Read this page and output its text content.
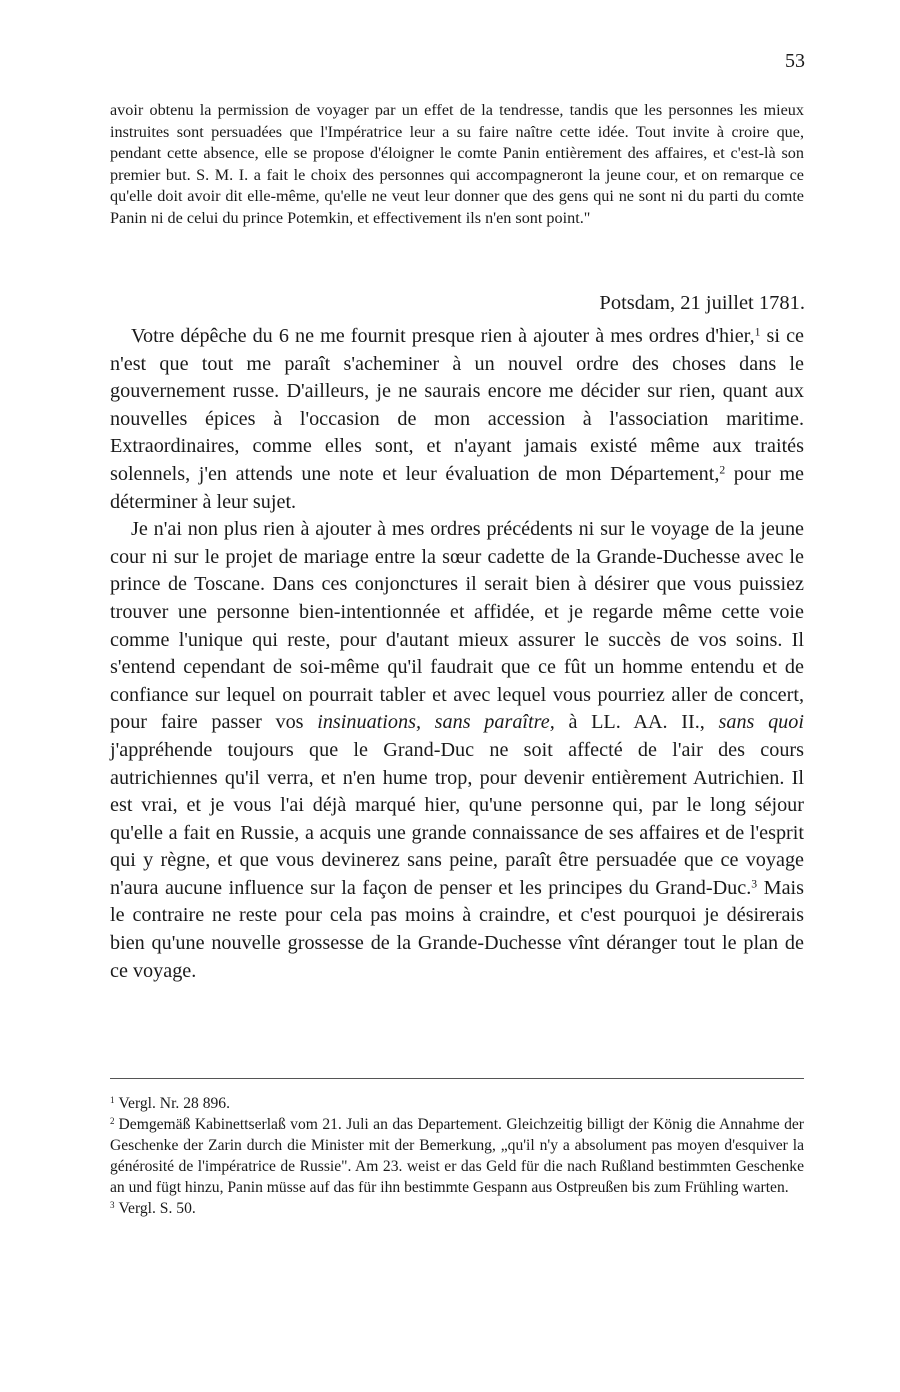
53
avoir obtenu la permission de voyager par un effet de la tendresse, tandis que les personnes les mieux instruites sont persuadées que l'Impératrice leur a su faire naître cette idée. Tout invite à croire que, pendant cette absence, elle se propose d'éloigner le comte Panin entièrement des affaires, et c'est-là son premier but. S. M. I. a fait le choix des personnes qui accompagneront la jeune cour, et on remarque ce qu'elle doit avoir dit elle-même, qu'elle ne veut leur donner que des gens qui ne sont ni du parti du comte Panin ni de celui du prince Potemkin, et effectivement ils n'en sont point."
Potsdam, 21 juillet 1781.

Votre dépêche du 6 ne me fournit presque rien à ajouter à mes ordres d'hier,$^1$ si ce n'est que tout me paraît s'acheminer à un nouvel ordre des choses dans le gouvernement russe. D'ailleurs, je ne saurais encore me décider sur rien, quant aux nouvelles épices à l'occasion de mon accession à l'association maritime. Extraordinaires, comme elles sont, et n'ayant jamais existé même aux traités solennels, j'en attends une note et leur évaluation de mon Département,$^2$ pour me déterminer à leur sujet.

Je n'ai non plus rien à ajouter à mes ordres précédents ni sur le voyage de la jeune cour ni sur le projet de mariage entre la sœur cadette de la Grande-Duchesse avec le prince de Toscane. Dans ces conjonctures il serait bien à désirer que vous puissiez trouver une personne bien-intentionnée et affidée, et je regarde même cette voie comme l'unique qui reste, pour d'autant mieux assurer le succès de vos soins. Il s'entend cependant de soi-même qu'il faudrait que ce fût un homme entendu et de confiance sur lequel on pourrait tabler et avec lequel vous pourriez aller de concert, pour faire passer vos insinuations, sans paraître, à LL. AA. II., sans quoi j'appréhende toujours que le Grand-Duc ne soit affecté de l'air des cours autrichiennes qu'il verra, et n'en hume trop, pour devenir entièrement Autrichien. Il est vrai, et je vous l'ai déjà marqué hier, qu'une personne qui, par le long séjour qu'elle a fait en Russie, a acquis une grande connaissance de ses affaires et de l'esprit qui y règne, et que vous devinerez sans peine, paraît être persuadée que ce voyage n'aura aucune influence sur la façon de penser et les principes du Grand-Duc.$^3$ Mais le contraire ne reste pour cela pas moins à craindre, et c'est pourquoi je désirerais bien qu'une nouvelle grossesse de la Grande-Duchesse vînt déranger tout le plan de ce voyage.

$^1$ Vergl. Nr. 28 896.

$^2$ Demgemäß Kabinettserlaß vom 21. Juli an das Departement. Gleichzeitig billigt der König die Annahme der Geschenke der Zarin durch die Minister mit der Bemerkung, „qu'il n'y a absolument pas moyen d'esquiver la générosité de l'impératrice de Russie". Am 23. weist er das Geld für die nach Rußland bestimmten Geschenke an und fügt hinzu, Panin müsse auf das für ihn bestimmte Gespann aus Ostpreußen bis zum Frühling warten.

$^3$ Vergl. S. 50.
